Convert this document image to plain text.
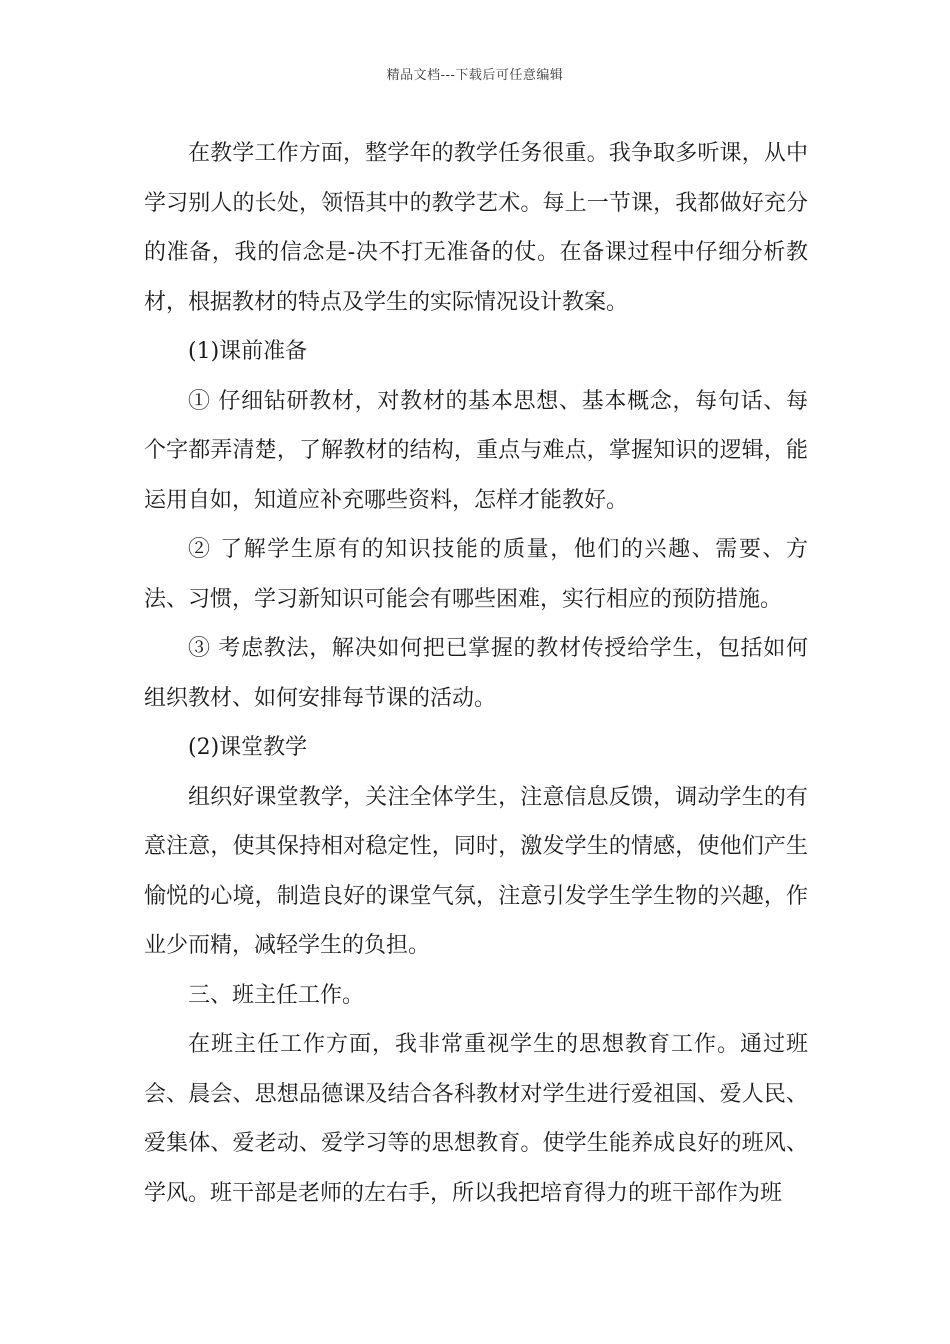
精品文档---下载后可任意编辑

在教学工作方面，整学年的教学任务很重。我争取多听课，从中学习别人的长处，领悟其中的教学艺术。每上一节课，我都做好充分的准备，我的信念是-决不打无准备的仗。在备课过程中仔细分析教材，根据教材的特点及学生的实际情况设计教案。

(1)课前准备

① 仔细钻研教材，对教材的基本思想、基本概念，每句话、每个字都弄清楚，了解教材的结构，重点与难点，掌握知识的逻辑，能运用自如，知道应补充哪些资料，怎样才能教好。

② 了解学生原有的知识技能的质量，他们的兴趣、需要、方法、习惯，学习新知识可能会有哪些困难，实行相应的预防措施。

③ 考虑教法，解决如何把已掌握的教材传授给学生，包括如何组织教材、如何安排每节课的活动。

(2)课堂教学

组织好课堂教学，关注全体学生，注意信息反馈，调动学生的有意注意，使其保持相对稳定性，同时，激发学生的情感，使他们产生愉悦的心境，制造良好的课堂气氛，注意引发学生学生物的兴趣，作业少而精，减轻学生的负担。

三、班主任工作。

在班主任工作方面，我非常重视学生的思想教育工作。通过班会、晨会、思想品德课及结合各科教材对学生进行爱祖国、爱人民、爱集体、爱老动、爱学习等的思想教育。使学生能养成良好的班风、学风。班干部是老师的左右手，所以我把培育得力的班干部作为班
